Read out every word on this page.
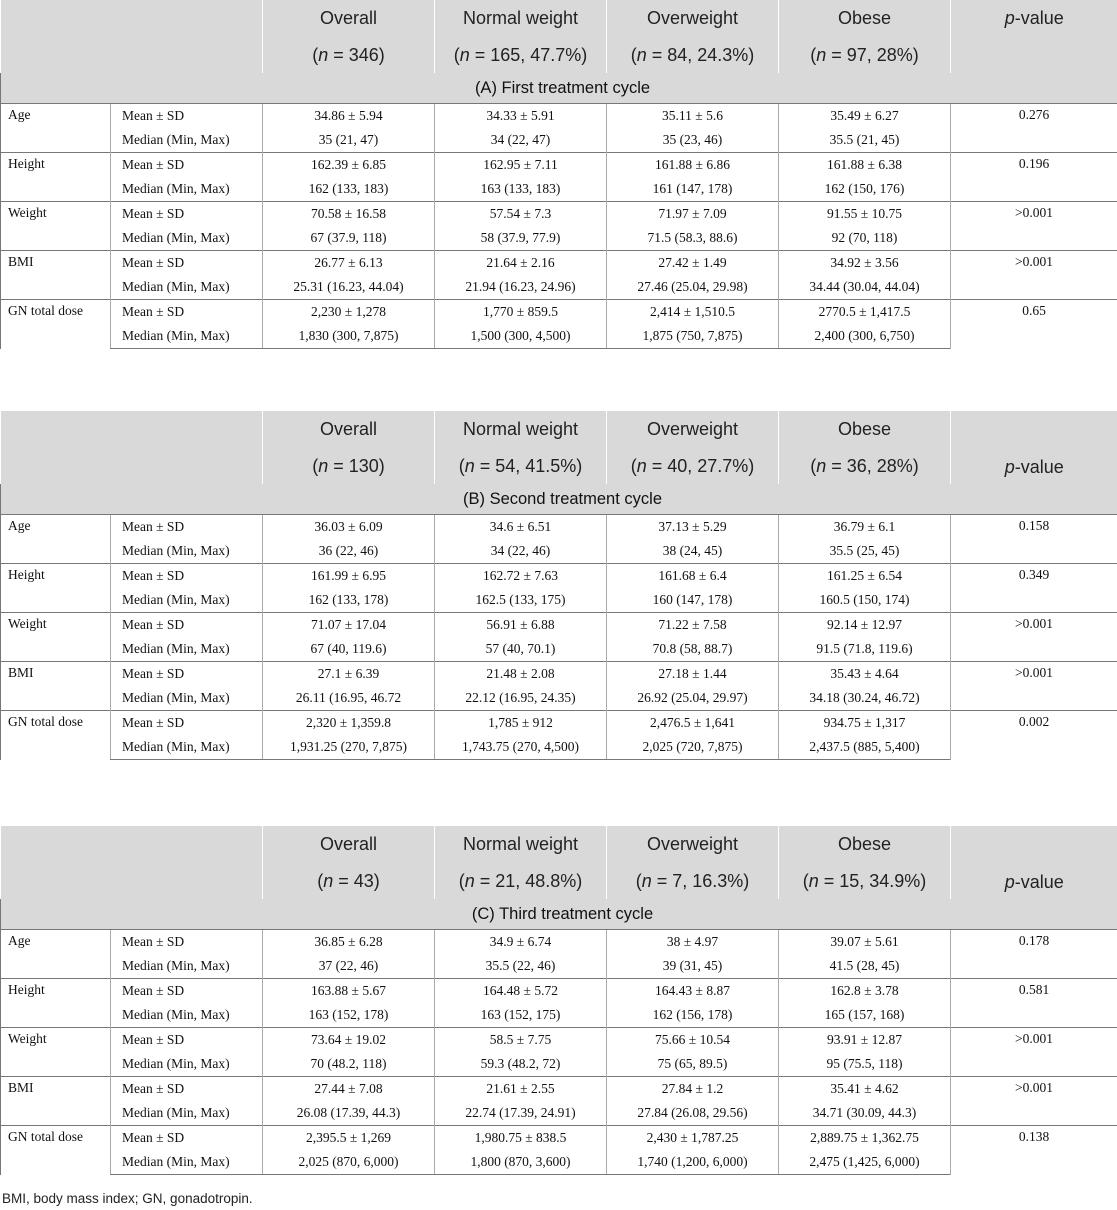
		Overall	Normal weight	Overweight	Obese	p-value
		(n = 346)	(n = 165, 47.7%)	(n = 84, 24.3%)	(n = 97, 28%)	
(A) First treatment cycle						
Age	Mean ± SD	34.86 ± 5.94	34.33 ± 5.91	35.11 ± 5.6	35.49 ± 6.27	0.276
	Median (Min, Max)	35 (21, 47)	34 (22, 47)	35 (23, 46)	35.5 (21, 45)	
Height	Mean ± SD	162.39 ± 6.85	162.95 ± 7.11	161.88 ± 6.86	161.88 ± 6.38	0.196
	Median (Min, Max)	162 (133, 183)	163 (133, 183)	161 (147, 178)	162 (150, 176)	
Weight	Mean ± SD	70.58 ± 16.58	57.54 ± 7.3	71.97 ± 7.09	91.55 ± 10.75	>0.001
	Median (Min, Max)	67 (37.9, 118)	58 (37.9, 77.9)	71.5 (58.3, 88.6)	92 (70, 118)	
BMI	Mean ± SD	26.77 ± 6.13	21.64 ± 2.16	27.42 ± 1.49	34.92 ± 3.56	>0.001
	Median (Min, Max)	25.31 (16.23, 44.04)	21.94 (16.23, 24.96)	27.46 (25.04, 29.98)	34.44 (30.04, 44.04)	
GN total dose	Mean ± SD	2,230 ± 1,278	1,770 ± 859.5	2,414 ± 1,510.5	2770.5 ± 1,417.5	0.65
	Median (Min, Max)	1,830 (300, 7,875)	1,500 (300, 4,500)	1,875 (750, 7,875)	2,400 (300, 6,750)	
		Overall	Normal weight	Overweight	Obese	p-value
		(n = 130)	(n = 54, 41.5%)	(n = 40, 27.7%)	(n = 36, 28%)	
(B) Second treatment cycle						
Age	Mean ± SD	36.03 ± 6.09	34.6 ± 6.51	37.13 ± 5.29	36.79 ± 6.1	0.158
	Median (Min, Max)	36 (22, 46)	34 (22, 46)	38 (24, 45)	35.5 (25, 45)	
Height	Mean ± SD	161.99 ± 6.95	162.72 ± 7.63	161.68 ± 6.4	161.25 ± 6.54	0.349
	Median (Min, Max)	162 (133, 178)	162.5 (133, 175)	160 (147, 178)	160.5 (150, 174)	
Weight	Mean ± SD	71.07 ± 17.04	56.91 ± 6.88	71.22 ± 7.58	92.14 ± 12.97	>0.001
	Median (Min, Max)	67 (40, 119.6)	57 (40, 70.1)	70.8 (58, 88.7)	91.5 (71.8, 119.6)	
BMI	Mean ± SD	27.1 ± 6.39	21.48 ± 2.08	27.18 ± 1.44	35.43 ± 4.64	>0.001
	Median (Min, Max)	26.11 (16.95, 46.72	22.12 (16.95, 24.35)	26.92 (25.04, 29.97)	34.18 (30.24, 46.72)	
GN total dose	Mean ± SD	2,320 ± 1,359.8	1,785 ± 912	2,476.5 ± 1,641	934.75 ± 1,317	0.002
	Median (Min, Max)	1,931.25 (270, 7,875)	1,743.75 (270, 4,500)	2,025 (720, 7,875)	2,437.5 (885, 5,400)	
		Overall	Normal weight	Overweight	Obese	p-value
		(n = 43)	(n = 21, 48.8%)	(n = 7, 16.3%)	(n = 15, 34.9%)	
(C) Third treatment cycle						
Age	Mean ± SD	36.85 ± 6.28	34.9 ± 6.74	38 ± 4.97	39.07 ± 5.61	0.178
	Median (Min, Max)	37 (22, 46)	35.5 (22, 46)	39 (31, 45)	41.5 (28, 45)	
Height	Mean ± SD	163.88 ± 5.67	164.48 ± 5.72	164.43 ± 8.87	162.8 ± 3.78	0.581
	Median (Min, Max)	163 (152, 178)	163 (152, 175)	162 (156, 178)	165 (157, 168)	
Weight	Mean ± SD	73.64 ± 19.02	58.5 ± 7.75	75.66 ± 10.54	93.91 ± 12.87	>0.001
	Median (Min, Max)	70 (48.2, 118)	59.3 (48.2, 72)	75 (65, 89.5)	95 (75.5, 118)	
BMI	Mean ± SD	27.44 ± 7.08	21.61 ± 2.55	27.84 ± 1.2	35.41 ± 4.62	>0.001
	Median (Min, Max)	26.08 (17.39, 44.3)	22.74 (17.39, 24.91)	27.84 (26.08, 29.56)	34.71 (30.09, 44.3)	
GN total dose	Mean ± SD	2,395.5 ± 1,269	1,980.75 ± 838.5	2,430 ± 1,787.25	2,889.75 ± 1,362.75	0.138
	Median (Min, Max)	2,025 (870, 6,000)	1,800 (870, 3,600)	1,740 (1,200, 6,000)	2,475 (1,425, 6,000)	
BMI, body mass index; GN, gonadotropin.
